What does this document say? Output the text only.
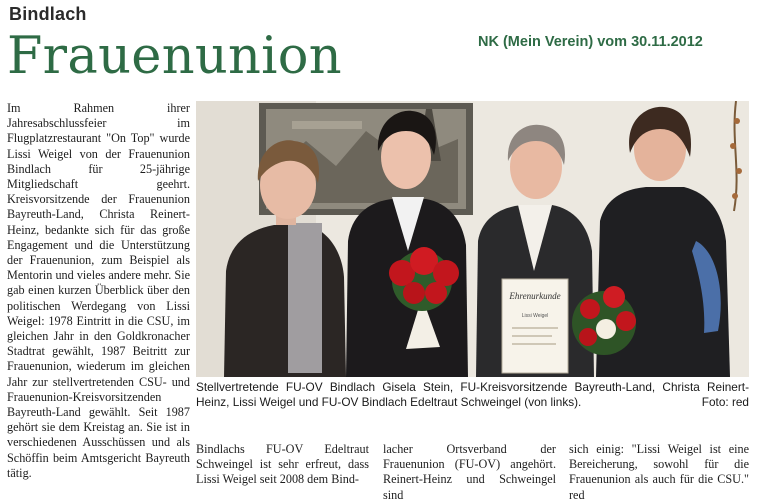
Bindlach
Frauenunion	NK (Mein Verein) vom 30.11.2012
Im Rahmen ihrer Jahresabschlussfeier im Flugplatzrestaurant "On Top" wurde Lissi Weigel von der Frauenunion Bindlach für 25-jährige Mitgliedschaft geehrt. Kreisvorsitzende der Frauenunion Bayreuth-Land, Christa Reinert-Heinz, bedankte sich für das große Engagement und die Unterstützung der Frauenunion, zum Beispiel als Mentorin und vieles andere mehr. Sie gab einen kurzen Überblick über den politischen Werdegang von Lissi Weigel: 1978 Eintritt in die CSU, im gleichen Jahr in den Goldkronacher Stadtrat gewählt, 1987 Beitritt zur Frauenunion, wiederum im gleichen Jahr zur stellvertretenden CSU- und Frauenunion-Kreisvorsitzenden Bayreuth-Land gewählt. Seit 1987 gehört sie dem Kreistag an. Sie ist in verschiedenen Ausschüssen und als Schöffin beim Amtsgericht Bayreuth tätig.
Ehrenurkunde
Lissi Weigel
Stellvertretende FU-OV Bindlach Gisela Stein, FU-Kreisvorsitzende Bayreuth-Land, Christa Reinert-Heinz, Lissi Weigel und FU-OV Bindlach Edeltraut Schweingel (von links).	Foto: red
Bindlachs FU-OV Edeltraut Schweingel ist sehr erfreut, dass Lissi Weigel seit 2008 dem Bind-
lacher Ortsverband der Frauenunion (FU-OV) angehört. Reinert-Heinz und Schweingel sind
sich einig: "Lissi Weigel ist eine Bereicherung, sowohl für die Frauenunion als auch für die CSU." red
